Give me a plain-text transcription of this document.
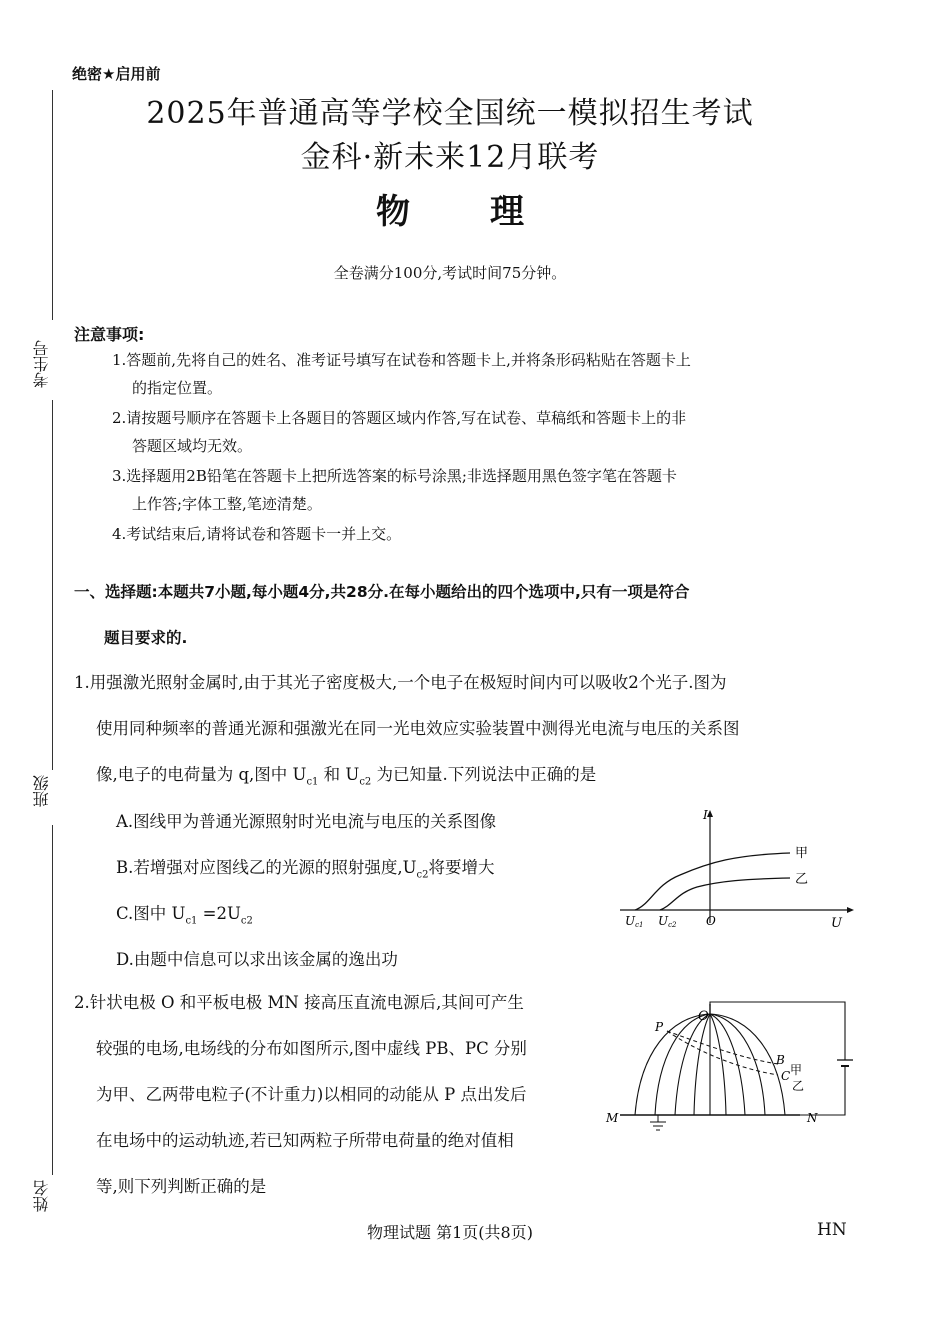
考生号
班级
姓名
绝密★启用前
2025年普通高等学校全国统一模拟招生考试
金科·新未来12月联考
物 理
全卷满分100分,考试时间75分钟。
注意事项:
1.答题前,先将自己的姓名、准考证号填写在试卷和答题卡上,并将条形码粘贴在答题卡上
的指定位置。
2.请按题号顺序在答题卡上各题目的答题区域内作答,写在试卷、草稿纸和答题卡上的非
答题区域均无效。
3.选择题用2B铅笔在答题卡上把所选答案的标号涂黑;非选择题用黑色签字笔在答题卡
上作答;字体工整,笔迹清楚。
4.考试结束后,请将试卷和答题卡一并上交。
一、选择题:本题共7小题,每小题4分,共28分.在每小题给出的四个选项中,只有一项是符合
题目要求的.
1.用强激光照射金属时,由于其光子密度极大,一个电子在极短时间内可以吸收2个光子.图为
使用同种频率的普通光源和强激光在同一光电效应实验装置中测得光电流与电压的关系图
像,电子的电荷量为 q,图中 $U_{c1}$ 和 $U_{c2}$ 为已知量.下列说法中正确的是
A.图线甲为普通光源照射时光电流与电压的关系图像
B.若增强对应图线乙的光源的照射强度$,U_{c2}$将要增大
C.图中 $U_{c1} =2U_{c2}$
D.由题中信息可以求出该金属的逸出功
I
U
O
Uc1 Uc2
甲
乙
2.针状电极 O 和平板电极 MN 接高压直流电源后,其间可产生
较强的电场,电场线的分布如图所示,图中虚线 PB、PC 分别
为甲、乙两带电粒子(不计重力)以相同的动能从 P 点出发后
在电场中的运动轨迹,若已知两粒子所带电荷量的绝对值相
等,则下列判断正确的是
O
P
B
C 甲
乙
M	N
物理试题 第1页(共8页)	HN
